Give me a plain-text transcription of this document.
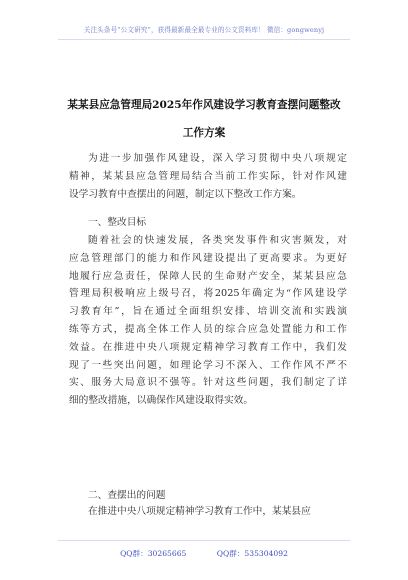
关注头条号“公文研究”，获得最新最全最专业的公文资料库！ 微信：gongwenyj
某某县应急管理局2025年作风建设学习教育查摆问题整改
工作方案
为进一步加强作风建设，深入学习贯彻中央八项规定
精神，某某县应急管理局结合当前工作实际，针对作风建
设学习教育中查摆出的问题，制定以下整改工作方案。
一、整改目标
随着社会的快速发展，各类突发事件和灾害频发，对
应急管理部门的能力和作风建设提出了更高要求。为更好
地履行应急责任，保障人民的生命财产安全，某某县应急
管理局积极响应上级号召，将2025年确定为“作风建设学
习教育年”，旨在通过全面组织安排、培训交流和实践演
练等方式，提高全体工作人员的综合应急处置能力和工作
效益。在推进中央八项规定精神学习教育工作中，我们发
现了一些突出问题，如理论学习不深入、工作作风不严不
实、服务大局意识不强等。针对这些问题，我们制定了详
细的整改措施，以确保作风建设取得实效。
二、查摆出的问题
在推进中央八项规定精神学习教育工作中，某某县应
QQ群：30265665	QQ群：535304092
